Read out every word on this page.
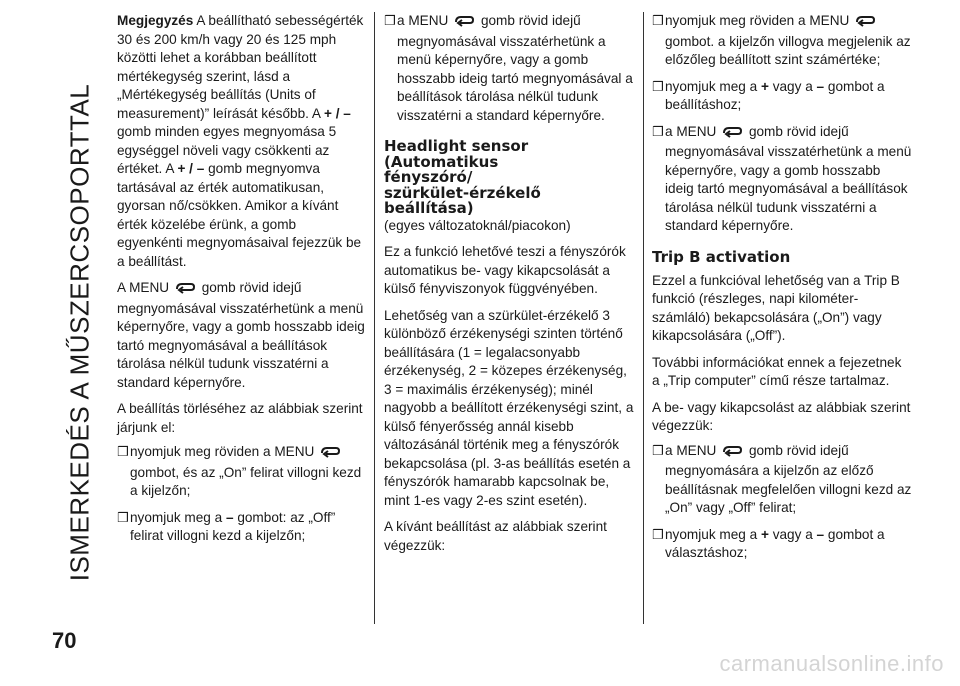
ISMERKEDÉS A MŰSZERCSOPORTTAL

Megjegyzés A beállítható sebességérték 30 és 200 km/h vagy 20 és 125 mph közötti lehet a korábban beállított mértékegység szerint, lásd a „Mértékegység beállítás (Units of measurement)” leírását később. A + / – gomb minden egyes megnyomása 5 egységgel növeli vagy csökkenti az értéket. A + / – gomb megnyomva tartásával az érték automatikusan, gyorsan nő/csökken. Amikor a kívánt érték közelébe érünk, a gomb egyenkénti megnyomásaival fejezzük be a beállítást.

A MENU gomb rövid idejű megnyomásával visszatérhetünk a menü képernyőre, vagy a gomb hosszabb ideig tartó megnyomásával a beállítások tárolása nélkül tudunk visszatérni a standard képernyőre.

A beállítás törléséhez az alábbiak szerint járjunk el:

❒ nyomjuk meg röviden a MENU  gombot, és az „On” felirat villogni kezd a kijelzőn;
❒ nyomjuk meg a – gombot: az „Off” felirat villogni kezd a kijelzőn;
❒ a MENU gomb rövid idejű megnyomásával visszatérhetünk a menü képernyőre, vagy a gomb hosszabb ideig tartó megnyomásával a beállítások tárolása nélkül tudunk visszatérni a standard képernyőre.
Headlight sensor
(Automatikus
fényszóró/
szürkület-érzékelő
beállítása)

(egyes változatoknál/piacokon)

Ez a funkció lehetővé teszi a fényszórók automatikus be- vagy kikapcsolását a külső fényviszonyok függvényében.

Lehetőség van a szürkület-érzékelő 3 különböző érzékenységi szinten történő beállítására (1 = legalacsonyabb érzékenység, 2 = közepes érzékenység, 3 = maximális érzékenység); minél nagyobb a beállított érzékenységi szint, a külső fényerősség annál kisebb változásánál történik meg a fényszórók bekapcsolása (pl. 3-as beállítás esetén a fényszórók hamarabb kapcsolnak be, mint 1-es vagy 2-es szint esetén).

A kívánt beállítást az alábbiak szerint végezzük:

❒ nyomjuk meg röviden a MENU  gombot. a kijelzőn villogva megjelenik az előzőleg beállított szint számértéke;
❒ nyomjuk meg a + vagy a – gombot a beállításhoz;
❒ a MENU gomb rövid idejű megnyomásával visszatérhetünk a menü képernyőre, vagy a gomb hosszabb ideig tartó megnyomásával a beállítások tárolása nélkül tudunk visszatérni a standard képernyőre.
Trip B activation

Ezzel a funkcióval lehetőség van a Trip B funkció (részleges, napi kilométer-számláló) bekapcsolására („On”) vagy kikapcsolására („Off”).

További információkat ennek a fejezetnek a „Trip computer” című része tartalmaz.

A be- vagy kikapcsolást az alábbiak szerint végezzük:

❒ a MENU gomb rövid idejű megnyomására a kijelzőn az előző beállításnak megfelelően villogni kezd az „On” vagy „Off” felirat;
❒ nyomjuk meg a + vagy a – gombot a választáshoz;
70
carmanualsonline.info
